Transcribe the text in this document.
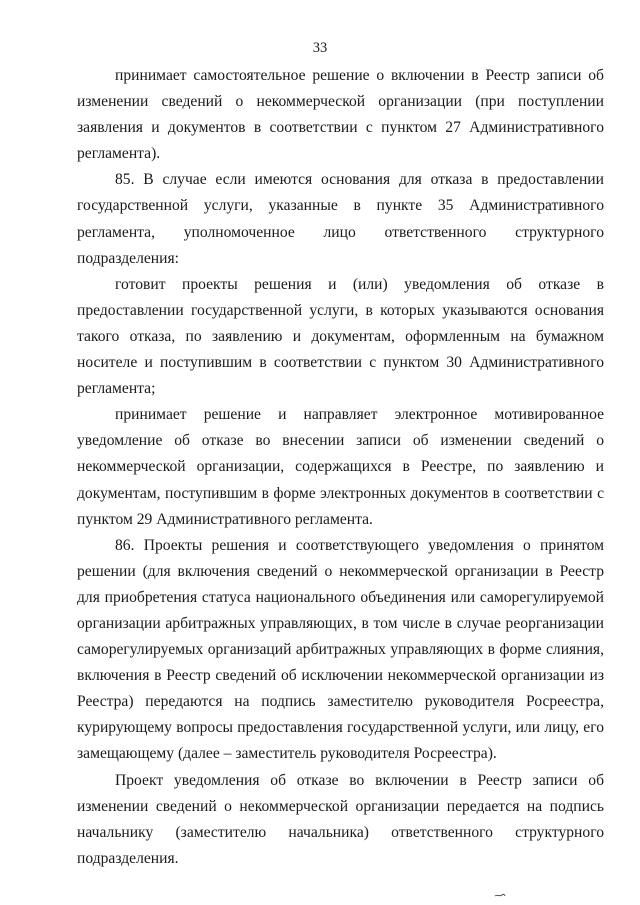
33

принимает самостоятельное решение о включении в Реестр записи об изменении сведений о некоммерческой организации (при поступлении заявления и документов в соответствии с пунктом 27 Административного регламента).

85. В случае если имеются основания для отказа в предоставлении государственной услуги, указанные в пункте 35 Административного регламента, уполномоченное лицо ответственного структурного подразделения:

готовит проекты решения и (или) уведомления об отказе в предоставлении государственной услуги, в которых указываются основания такого отказа, по заявлению и документам, оформленным на бумажном носителе и поступившим в соответствии с пунктом 30 Административного регламента;

принимает решение и направляет электронное мотивированное уведомление об отказе во внесении записи об изменении сведений о некоммерческой организации, содержащихся в Реестре, по заявлению и документам, поступившим в форме электронных документов в соответствии с пунктом 29 Административного регламента.

86. Проекты решения и соответствующего уведомления о принятом решении (для включения сведений о некоммерческой организации в Реестр для приобретения статуса национального объединения или саморегулируемой организации арбитражных управляющих, в том числе в случае реорганизации саморегулируемых организаций арбитражных управляющих в форме слияния, включения в Реестр сведений об исключении некоммерческой организации из Реестра) передаются на подпись заместителю руководителя Росреестра, курирующему вопросы предоставления государственной услуги, или лицу, его замещающему (далее – заместитель руководителя Росреестра).

Проект уведомления об отказе во включении в Реестр записи об изменении сведений о некоммерческой организации передается на подпись начальнику (заместителю начальника) ответственного структурного подразделения.
